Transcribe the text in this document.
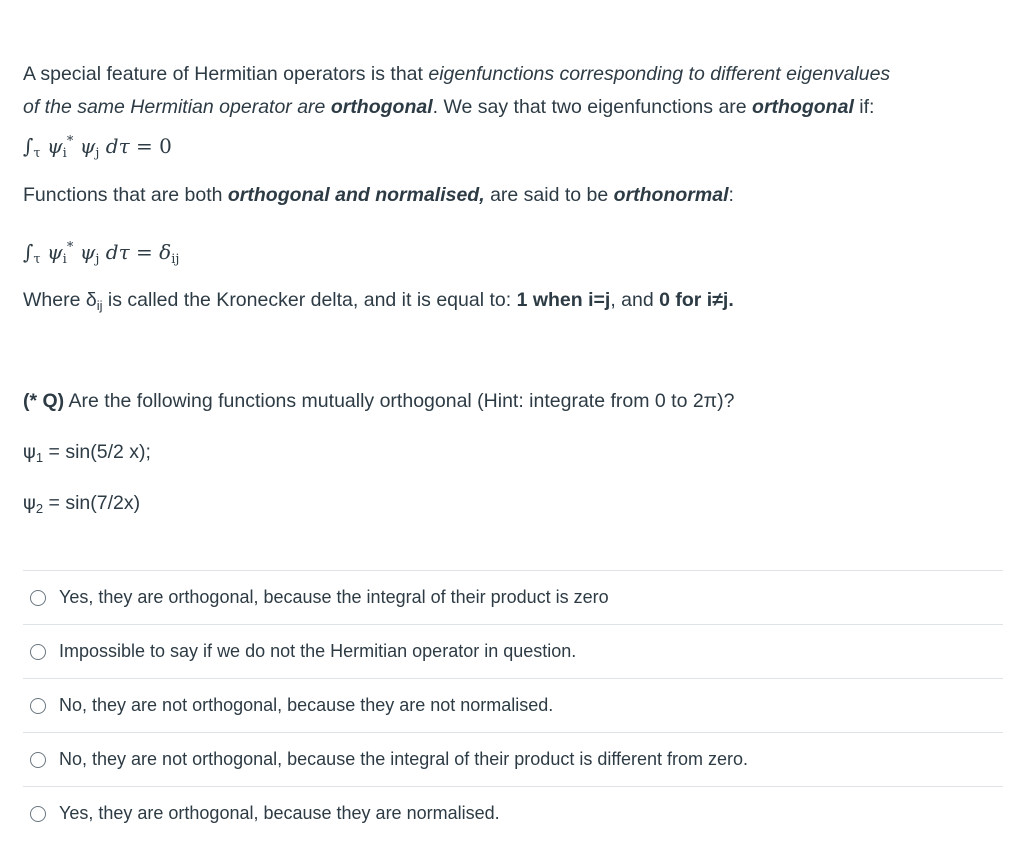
A special feature of Hermitian operators is that eigenfunctions corresponding to different eigenvalues
of the same Hermitian operator are orthogonal. We say that two eigenfunctions are orthogonal if:
$\int_\tau$ $\psi_i^*$ $\psi_j$ dτ = 0
Functions that are both orthogonal and normalised, are said to be orthonormal:
$\int_\tau$ $\psi_i^*$ $\psi_j$ $d\tau = \delta_{ij}$
Where $\delta_{ij}$ is called the Kronecker delta, and it is equal to: 1 when i=j, and 0 for i≠j.
(* Q) Are the following functions mutually orthogonal (Hint: integrate from 0 to 2π)?
$\psi_1 = \sin(5/2$ x);
$\psi_2 = \sin(7/2x)$
Yes, they are orthogonal, because the integral of their product is zero
Impossible to say if we do not the Hermitian operator in question.
No, they are not orthogonal, because they are not normalised.
No, they are not orthogonal, because the integral of their product is different from zero.
Yes, they are orthogonal, because they are normalised.
